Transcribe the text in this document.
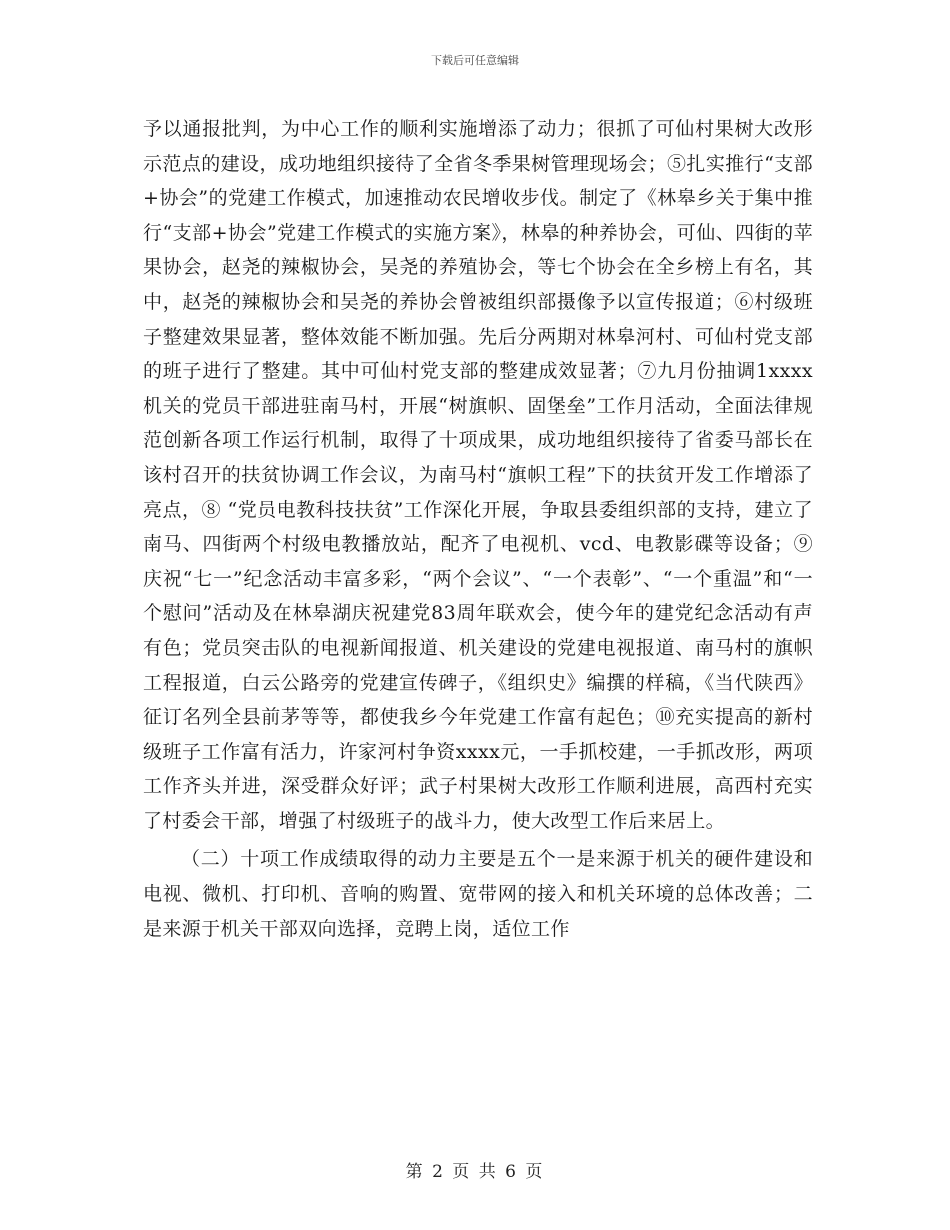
下载后可任意编辑

予以通报批判，为中心工作的顺利实施增添了动力；很抓了可仙村果树大改形示范点的建设，成功地组织接待了全省冬季果树管理现场会；⑤扎实推行“支部+协会”的党建工作模式，加速推动农民增收步伐。制定了《林皋乡关于集中推行“支部+协会”党建工作模式的实施方案》，林皋的种养协会，可仙、四街的苹果协会，赵尧的辣椒协会，吴尧的养殖协会，等七个协会在全乡榜上有名，其中，赵尧的辣椒协会和吴尧的养协会曾被组织部摄像予以宣传报道；⑥村级班子整建效果显著，整体效能不断加强。先后分两期对林皋河村、可仙村党支部的班子进行了整建。其中可仙村党支部的整建成效显著；⑦九月份抽调1xxxx机关的党员干部进驻南马村，开展“树旗帜、固堡垒”工作月活动，全面法律规范创新各项工作运行机制，取得了十项成果，成功地组织接待了省委马部长在该村召开的扶贫协调工作会议，为南马村“旗帜工程”下的扶贫开发工作增添了亮点，⑧ “党员电教科技扶贫”工作深化开展，争取县委组织部的支持，建立了南马、四街两个村级电教播放站，配齐了电视机、vcd、电教影碟等设备；⑨庆祝“七一”纪念活动丰富多彩，“两个会议”、“一个表彰”、“一个重温”和“一个慰问”活动及在林皋湖庆祝建党83周年联欢会，使今年的建党纪念活动有声有色；党员突击队的电视新闻报道、机关建设的党建电视报道、南马村的旗帜工程报道，白云公路旁的党建宣传碑子，《组织史》编撰的样稿，《当代陕西》征订名列全县前茅等等，都使我乡今年党建工作富有起色；⑩充实提高的新村级班子工作富有活力，许家河村争资xxxx元，一手抓校建，一手抓改形，两项工作齐头并进，深受群众好评；武子村果树大改形工作顺利进展，高西村充实了村委会干部，增强了村级班子的战斗力，使大改型工作后来居上。

（二）十项工作成绩取得的动力主要是五个一是来源于机关的硬件建设和电视、微机、打印机、音响的购置、宽带网的接入和机关环境的总体改善；二是来源于机关干部双向选择，竞聘上岗，适位工作

第 2 页 共 6 页
